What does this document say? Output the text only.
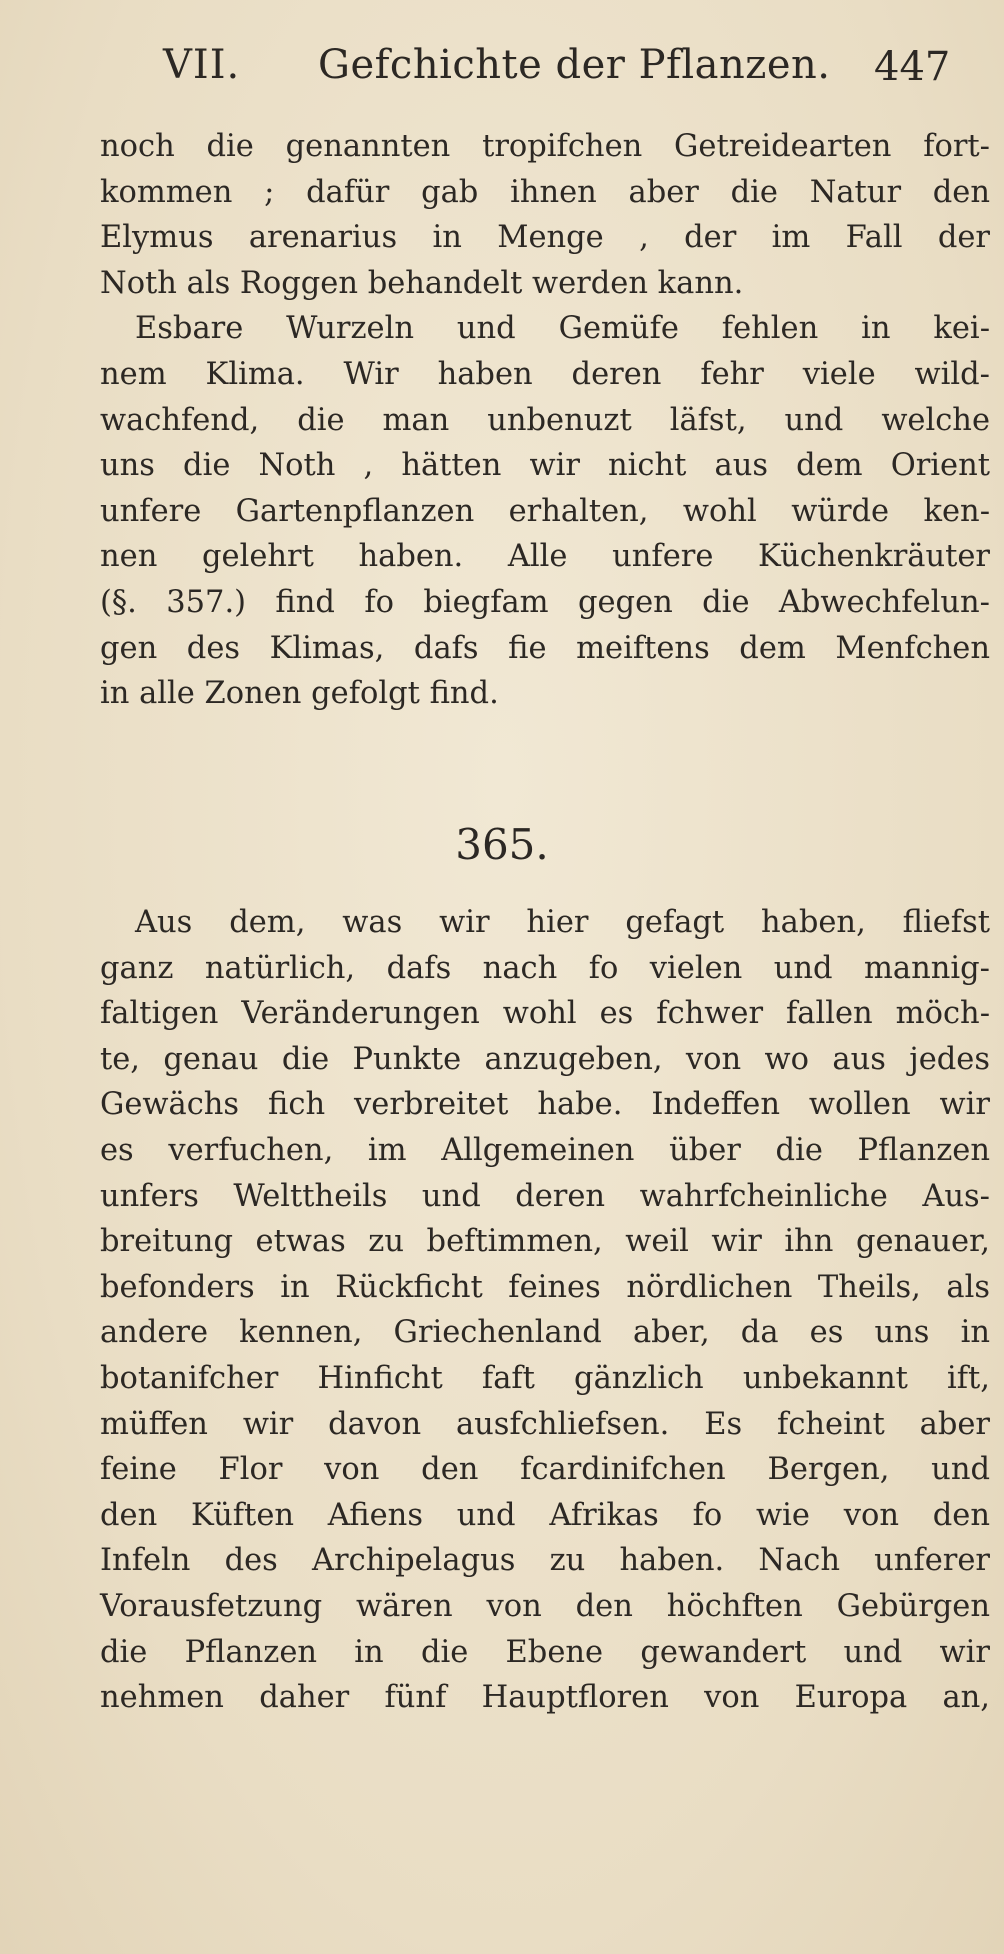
VII. Gefchichte der Pflanzen. 447
noch die genannten tropifchen Getreidearten fort-
kommen ; dafür gab ihnen aber die Natur den
Elymus arenarius in Menge , der im Fall der
Noth als Roggen behandelt werden kann.
Esbare Wurzeln und Gemüfe fehlen in kei-
nem Klima. Wir haben deren fehr viele wild-
wachfend, die man unbenuzt läfst, und welche
uns die Noth , hätten wir nicht aus dem Orient
unfere Gartenpflanzen erhalten, wohl würde ken-
nen gelehrt haben. Alle unfere Küchenkräuter
(§. 357.) find fo biegfam gegen die Abwechfelun-
gen des Klimas, dafs fie meiftens dem Menfchen
in alle Zonen gefolgt find.
365.
Aus dem, was wir hier gefagt haben, fliefst
ganz natürlich, dafs nach fo vielen und mannig-
faltigen Veränderungen wohl es fchwer fallen möch-
te, genau die Punkte anzugeben, von wo aus jedes
Gewächs fich verbreitet habe. Indeffen wollen wir
es verfuchen, im Allgemeinen über die Pflanzen
unfers Welttheils und deren wahrfcheinliche Aus-
breitung etwas zu beftimmen, weil wir ihn genauer,
befonders in Rückficht feines nördlichen Theils, als
andere kennen, Griechenland aber, da es uns in
botanifcher Hinficht faft gänzlich unbekannt ift,
müffen wir davon ausfchliefsen. Es fcheint aber
feine Flor von den fcardinifchen Bergen, und
den Küften Afiens und Afrikas fo wie von den
Infeln des Archipelagus zu haben. Nach unferer
Vorausfetzung wären von den höchften Gebürgen
die Pflanzen in die Ebene gewandert und wir
nehmen daher fünf Hauptfloren von Europa an,
